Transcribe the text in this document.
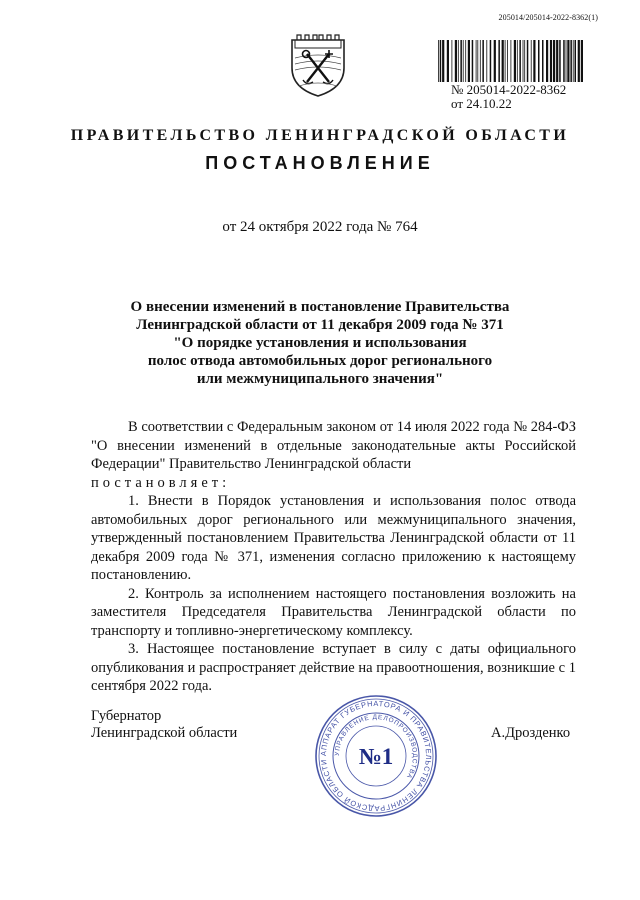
205014/205014-2022-8362(1)
№ 205014-2022-8362
от 24.10.22
ПРАВИТЕЛЬСТВО ЛЕНИНГРАДСКОЙ ОБЛАСТИ
ПОСТАНОВЛЕНИЕ
от 24 октября 2022 года № 764
О внесении изменений в постановление Правительства
Ленинградской области от 11 декабря 2009 года № 371
"О порядке установления и использования
полос отвода автомобильных дорог регионального
или межмуниципального значения"

В соответствии с Федеральным законом от 14 июля 2022 года № 284-ФЗ "О внесении изменений в отдельные законодательные акты Российской Федерации" Правительство Ленинградской области
постановляет:

1. Внести в Порядок установления и использования полос отвода автомобильных дорог регионального или межмуниципального значения, утвержденный постановлением Правительства Ленинградской области от 11 декабря 2009 года № 371, изменения согласно приложению к настоящему постановлению.

2. Контроль за исполнением настоящего постановления возложить на заместителя Председателя Правительства Ленинградской области по транспорту и топливно-энергетическому комплексу.

3. Настоящее постановление вступает в силу с даты официального опубликования и распространяет действие на правоотношения, возникшие с 1 сентября 2022 года.

Губернатор
Ленинградской области	А.Дрозденко
АППАРАТ ГУБЕРНАТОРА И ПРАВИТЕЛЬСТВА ЛЕНИНГРАДСКОЙ ОБЛАСТИ
УПРАВЛЕНИЕ ДЕЛОПРОИЗВОДСТВА
№1
